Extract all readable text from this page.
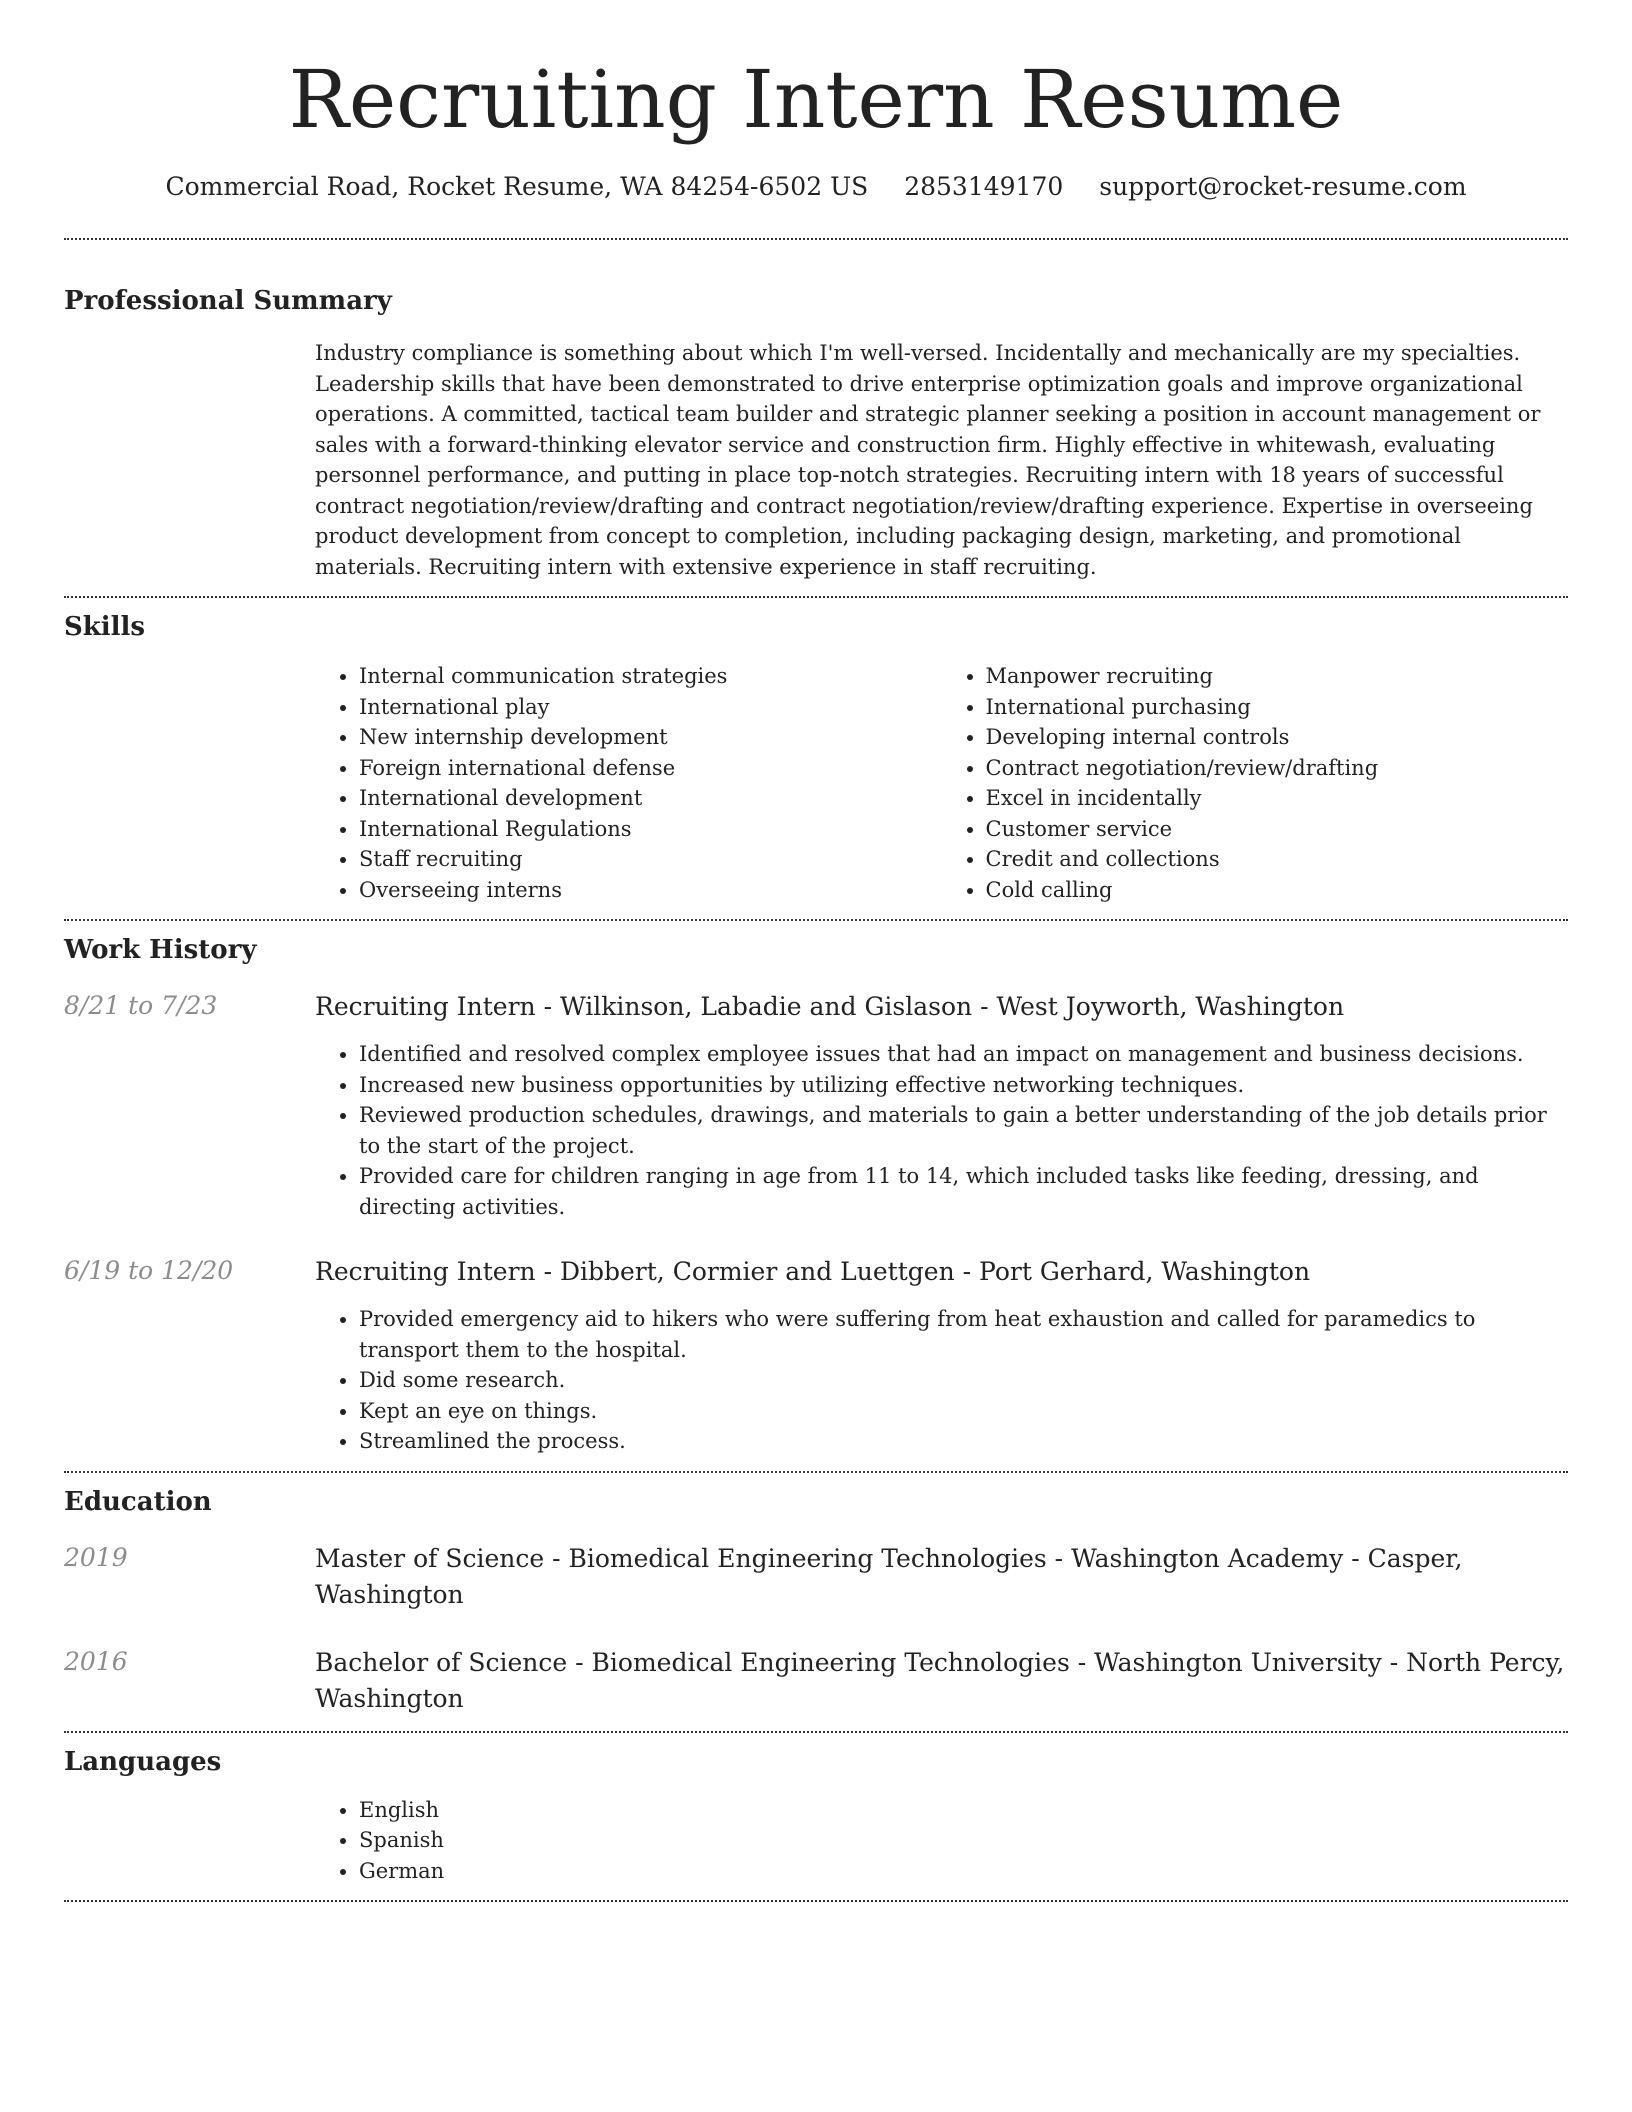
Recruiting Intern Resume
Commercial Road, Rocket Resume, WA 84254-6502 US 2853149170 support@rocket-resume.com
Professional Summary
Industry compliance is something about which I'm well-versed. Incidentally and mechanically are my specialties. Leadership skills that have been demonstrated to drive enterprise optimization goals and improve organizational operations. A committed, tactical team builder and strategic planner seeking a position in account management or sales with a forward-thinking elevator service and construction firm. Highly effective in whitewash, evaluating personnel performance, and putting in place top-notch strategies. Recruiting intern with 18 years of successful contract negotiation/review/drafting and contract negotiation/review/drafting experience. Expertise in overseeing product development from concept to completion, including packaging design, marketing, and promotional materials. Recruiting intern with extensive experience in staff recruiting.
Skills
• Internal communication strategies
• International play
• New internship development
• Foreign international defense
• International development
• International Regulations
• Staff recruiting
• Overseeing interns
• Manpower recruiting
• International purchasing
• Developing internal controls
• Contract negotiation/review/drafting
• Excel in incidentally
• Customer service
• Credit and collections
• Cold calling
Work History
8/21 to 7/23	Recruiting Intern - Wilkinson, Labadie and Gislason - West Joyworth, Washington
• Identified and resolved complex employee issues that had an impact on management and business decisions.
• Increased new business opportunities by utilizing effective networking techniques.
• Reviewed production schedules, drawings, and materials to gain a better understanding of the job details prior to the start of the project.
• Provided care for children ranging in age from 11 to 14, which included tasks like feeding, dressing, and directing activities.
6/19 to 12/20	Recruiting Intern - Dibbert, Cormier and Luettgen - Port Gerhard, Washington
• Provided emergency aid to hikers who were suffering from heat exhaustion and called for paramedics to transport them to the hospital.
• Did some research.
• Kept an eye on things.
• Streamlined the process.
Education
2019	Master of Science - Biomedical Engineering Technologies - Washington Academy - Casper, Washington
2016	Bachelor of Science - Biomedical Engineering Technologies - Washington University - North Percy, Washington
Languages
• English
• Spanish
• German
